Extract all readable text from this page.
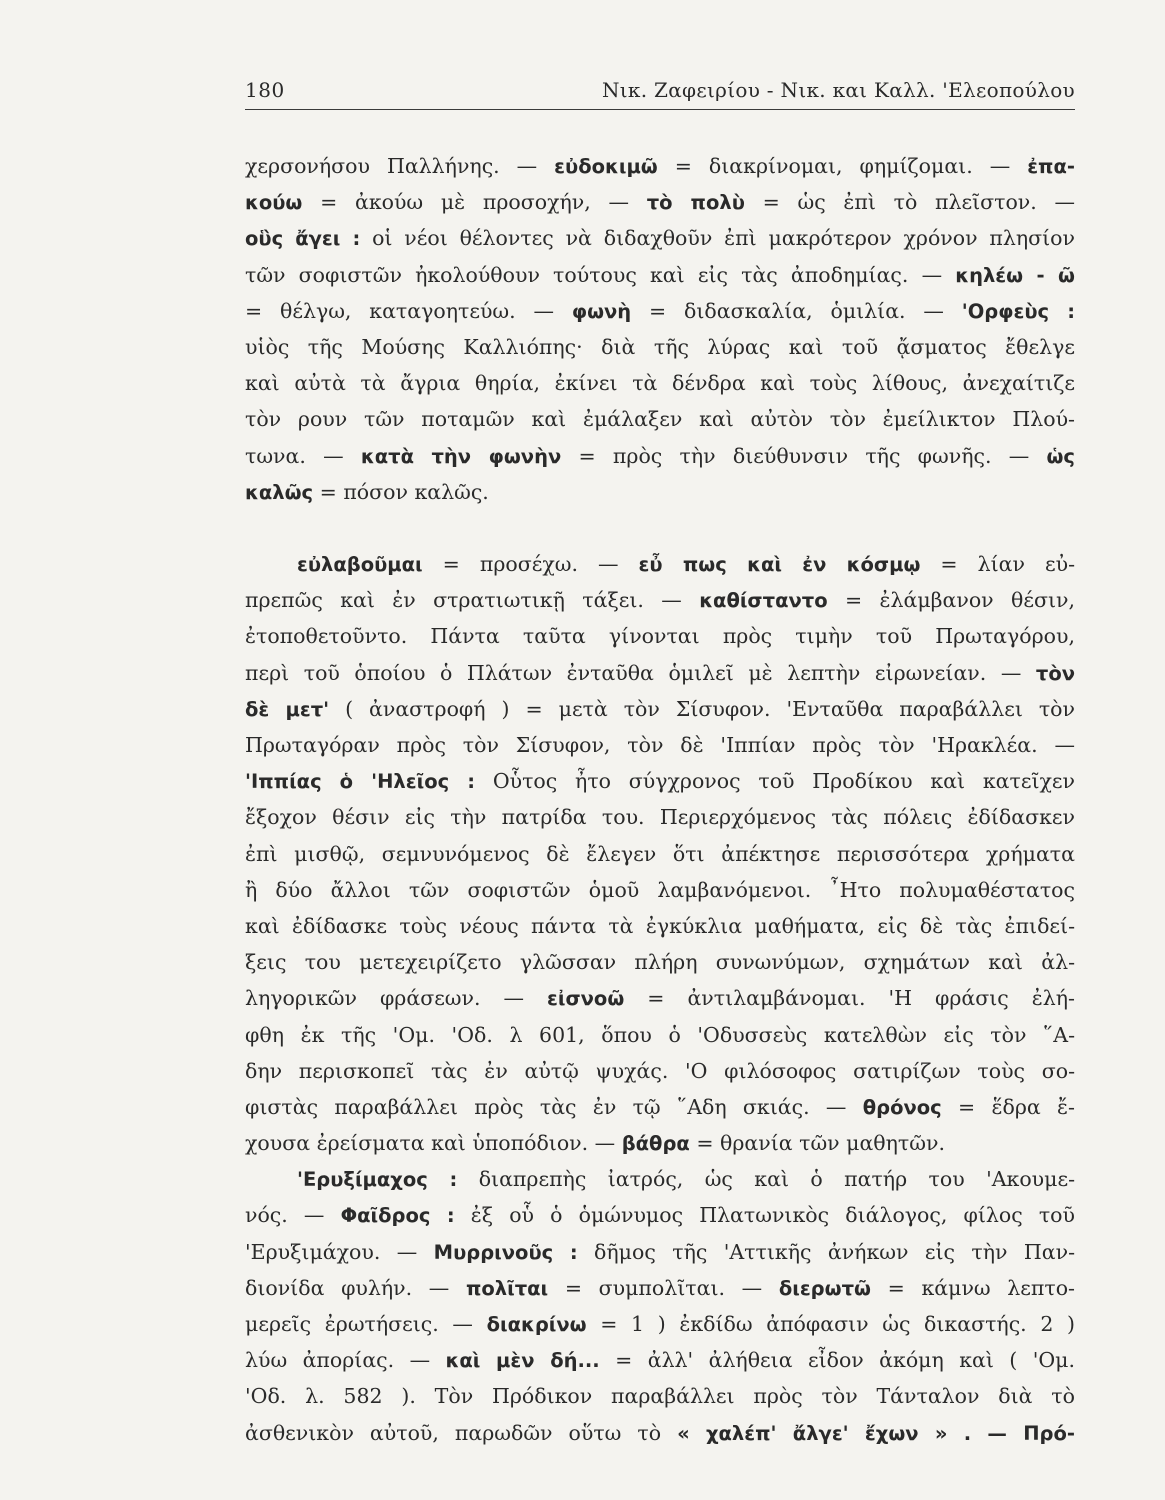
180	Νικ. Ζαφειρίου - Νικ. και Καλλ. 'Ελεοπούλου
χερσονήσου Παλλήνης. — εὐδοκιμῶ = διακρίνομαι, φημίζομαι. — ἐπα-
κούω = ἀκούω μὲ προσοχήν, — τὸ πολὺ = ὡς ἐπὶ τὸ πλεῖστον. —
οὓς ἄγει : οἱ νέοι θέλοντες νὰ διδαχθοῦν ἐπὶ μακρότερον χρόνον πλησίον
τῶν σοφιστῶν ἠκολούθουν τούτους καὶ εἰς τὰς ἀποδημίας. — κηλέω - ῶ
= θέλγω, καταγοητεύω. — φωνὴ = διδασκαλία, ὁμιλία. — 'Ορφεὺς :
υἱὸς τῆς Μούσης Καλλιόπης· διὰ τῆς λύρας καὶ τοῦ ᾄσματος ἔθελγε
καὶ αὐτὰ τὰ ἄγρια θηρία, ἐκίνει τὰ δένδρα καὶ τοὺς λίθους, ἀνεχαίτιζε
τὸν ρουν τῶν ποταμῶν καὶ ἐμάλαξεν καὶ αὐτὸν τὸν ἐμείλικτον Πλού-
τωνα. — κατὰ τὴν φωνὴν = πρὸς τὴν διεύθυνσιν τῆς φωνῆς. — ὡς
καλῶς = πόσον καλῶς.
εὐλαβοῦμαι = προσέχω. — εὖ πως καὶ ἐν κόσμῳ = λίαν εὐ-
πρεπῶς καὶ ἐν στρατιωτικῇ τάξει. — καθίσταντο = ἐλάμβανον θέσιν,
ἐτοποθετοῦντο. Πάντα ταῦτα γίνονται πρὸς τιμὴν τοῦ Πρωταγόρου,
περὶ τοῦ ὁποίου ὁ Πλάτων ἐνταῦθα ὁμιλεῖ μὲ λεπτὴν εἰρωνείαν. — τὸν
δὲ μετ' ( ἀναστροφή ) = μετὰ τὸν Σίσυφον. 'Ενταῦθα παραβάλλει τὸν
Πρωταγόραν πρὸς τὸν Σίσυφον, τὸν δὲ 'Ιππίαν πρὸς τὸν 'Ηρακλέα. —
'Ιππίας ὁ 'Ηλεῖος : Οὗτος ἦτο σύγχρονος τοῦ Προδίκου καὶ κατεῖχεν
ἔξοχον θέσιν εἰς τὴν πατρίδα του. Περιερχόμενος τὰς πόλεις ἐδίδασκεν
ἐπὶ μισθῷ, σεμνυνόμενος δὲ ἔλεγεν ὅτι ἀπέκτησε περισσότερα χρήματα
ἢ δύο ἄλλοι τῶν σοφιστῶν ὁμοῦ λαμβανόμενοι. ῏Ητο πολυμαθέστατος
καὶ ἐδίδασκε τοὺς νέους πάντα τὰ ἐγκύκλια μαθήματα, εἰς δὲ τὰς ἐπιδεί-
ξεις του μετεχειρίζετο γλῶσσαν πλήρη συνωνύμων, σχημάτων καὶ ἀλ-
ληγορικῶν φράσεων. — εἰσνοῶ = ἀντιλαμβάνομαι. 'Η φράσις ἐλή-
φθη ἐκ τῆς 'Ομ. 'Οδ. λ 601, ὅπου ὁ 'Οδυσσεὺς κατελθὼν εἰς τὸν ῞Α-
δην περισκοπεῖ τὰς ἐν αὐτῷ ψυχάς. 'Ο φιλόσοφος σατιρίζων τοὺς σο-
φιστὰς παραβάλλει πρὸς τὰς ἐν τῷ ῞Αδη σκιάς. — θρόνος = ἕδρα ἔ-
χουσα ἐρείσματα καὶ ὑποπόδιον. — βάθρα = θρανία τῶν μαθητῶν.
'Ερυξίμαχος : διαπρεπὴς ἰατρός, ὡς καὶ ὁ πατήρ του 'Ακουμε-
νός. — Φαῖδρος : ἐξ οὗ ὁ ὁμώνυμος Πλατωνικὸς διάλογος, φίλος τοῦ
'Ερυξιμάχου. — Μυρρινοῦς : δῆμος τῆς 'Αττικῆς ἀνήκων εἰς τὴν Παν-
διονίδα φυλήν. — πολῖται = συμπολῖται. — διερωτῶ = κάμνω λεπτο-
μερεῖς ἐρωτήσεις. — διακρίνω = 1 ) ἐκδίδω ἀπόφασιν ὡς δικαστής. 2 )
λύω ἀπορίας. — καὶ μὲν δή... = ἀλλ' ἀλήθεια εἶδον ἀκόμη καὶ ( 'Ομ.
'Οδ. λ. 582 ). Τὸν Πρόδικον παραβάλλει πρὸς τὸν Τάνταλον διὰ τὸ
ἀσθενικὸν αὐτοῦ, παρωδῶν οὕτω τὸ « χαλέπ' ἄλγε' ἔχων » . — Πρό-
